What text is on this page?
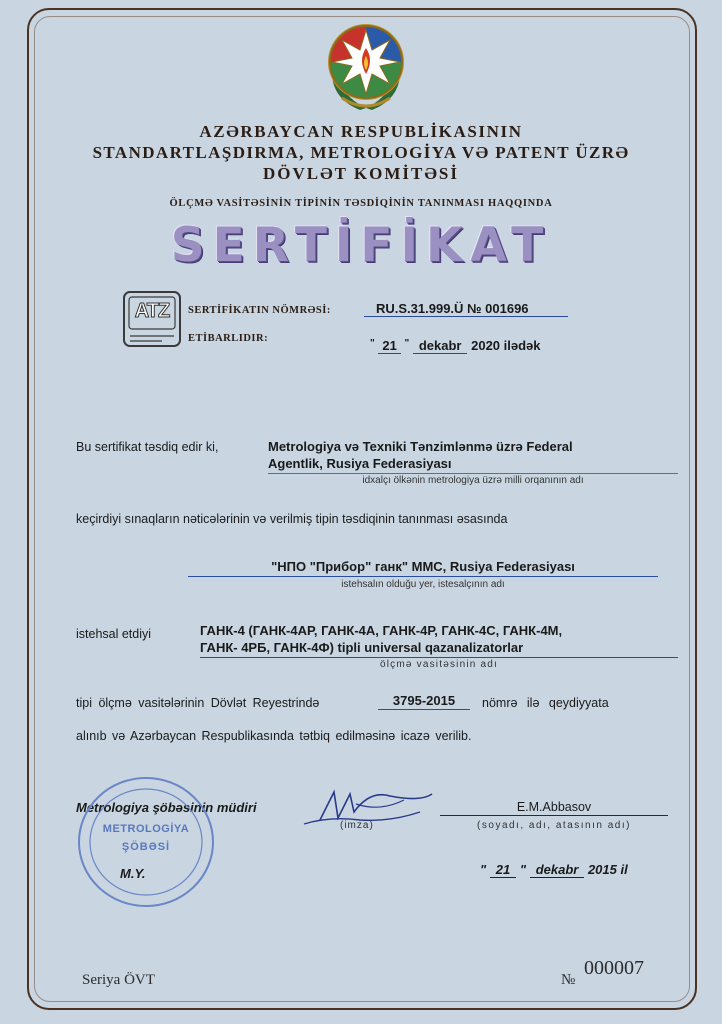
AZƏRBAYCAN RESPUBLİKASININ
STANDARTLAŞDIRMA, METROLOGİYA VƏ PATENT ÜZRƏ
DÖVLƏT KOMİTƏSİ
ÖLÇMƏ VASİTƏSİNİN TİPİNİN TƏSDİQİNİN TANINMASI HAQQINDA
SERTİFİKAT
ATZ	SERTİFİKATIN NÖMRƏSİ:	RU.S.31.999.Ü № 001696
ETİBARLIDIR:	" 21 " dekabr 2020 ilədək
Bu sertifikat təsdiq edir ki,	Metrologiya və Texniki Tənzimlənmə üzrə Federal
Agentlik, Rusiya Federasiyası
idxalçı ölkənin metrologiya üzrə milli orqanının adı
keçirdiyi sınaqların nəticələrinin və verilmiş tipin təsdiqinin tanınması əsasında
"НПО "Прибор" ганк" ММС, Rusiya Federasiyası
istehsalın olduğu yer, istesalçının adı
istehsal etdiyi	ГАНК-4 (ГАНК-4АР, ГАНК-4А, ГАНК-4Р, ГАНК-4С, ГАНК-4М,
ГАНК- 4РБ, ГАНК-4Ф) tipli universal qazanalizatorlar
ölçmə vasitəsinin adı
tipi ölçmə vasitələrinin Dövlət Reyestrində	3795-2015	nömrə ilə qeydiyyata
alınıb və Azərbaycan Respublikasında tətbiq edilməsinə icazə verilib.
Metrologiya şöbəsinin müdiri
(imza)
E.M.Abbasov
(soyadı, adı, atasının adı)
METROLOGİYA
ŞÖBƏSİ
M.Y.	" 21 " dekabr 2015 il
Seriya ÖVT	№
000007
